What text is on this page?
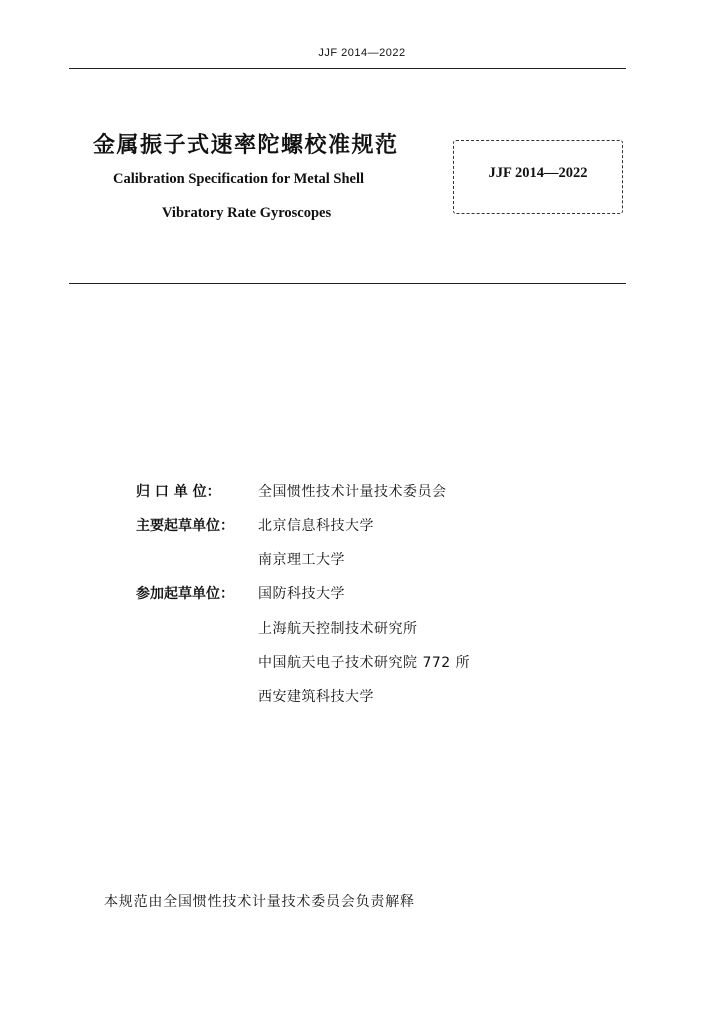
JJF 2014—2022
金属振子式速率陀螺校准规范
Calibration Specification for Metal Shell
Vibratory Rate Gyroscopes
JJF 2014—2022
归 口 单 位：	全国惯性技术计量技术委员会
主要起草单位： 北京信息科技大学
南京理工大学
参加起草单位： 国防科技大学
上海航天控制技术研究所
中国航天电子技术研究院 772 所
西安建筑科技大学
本规范由全国惯性技术计量技术委员会负责解释
